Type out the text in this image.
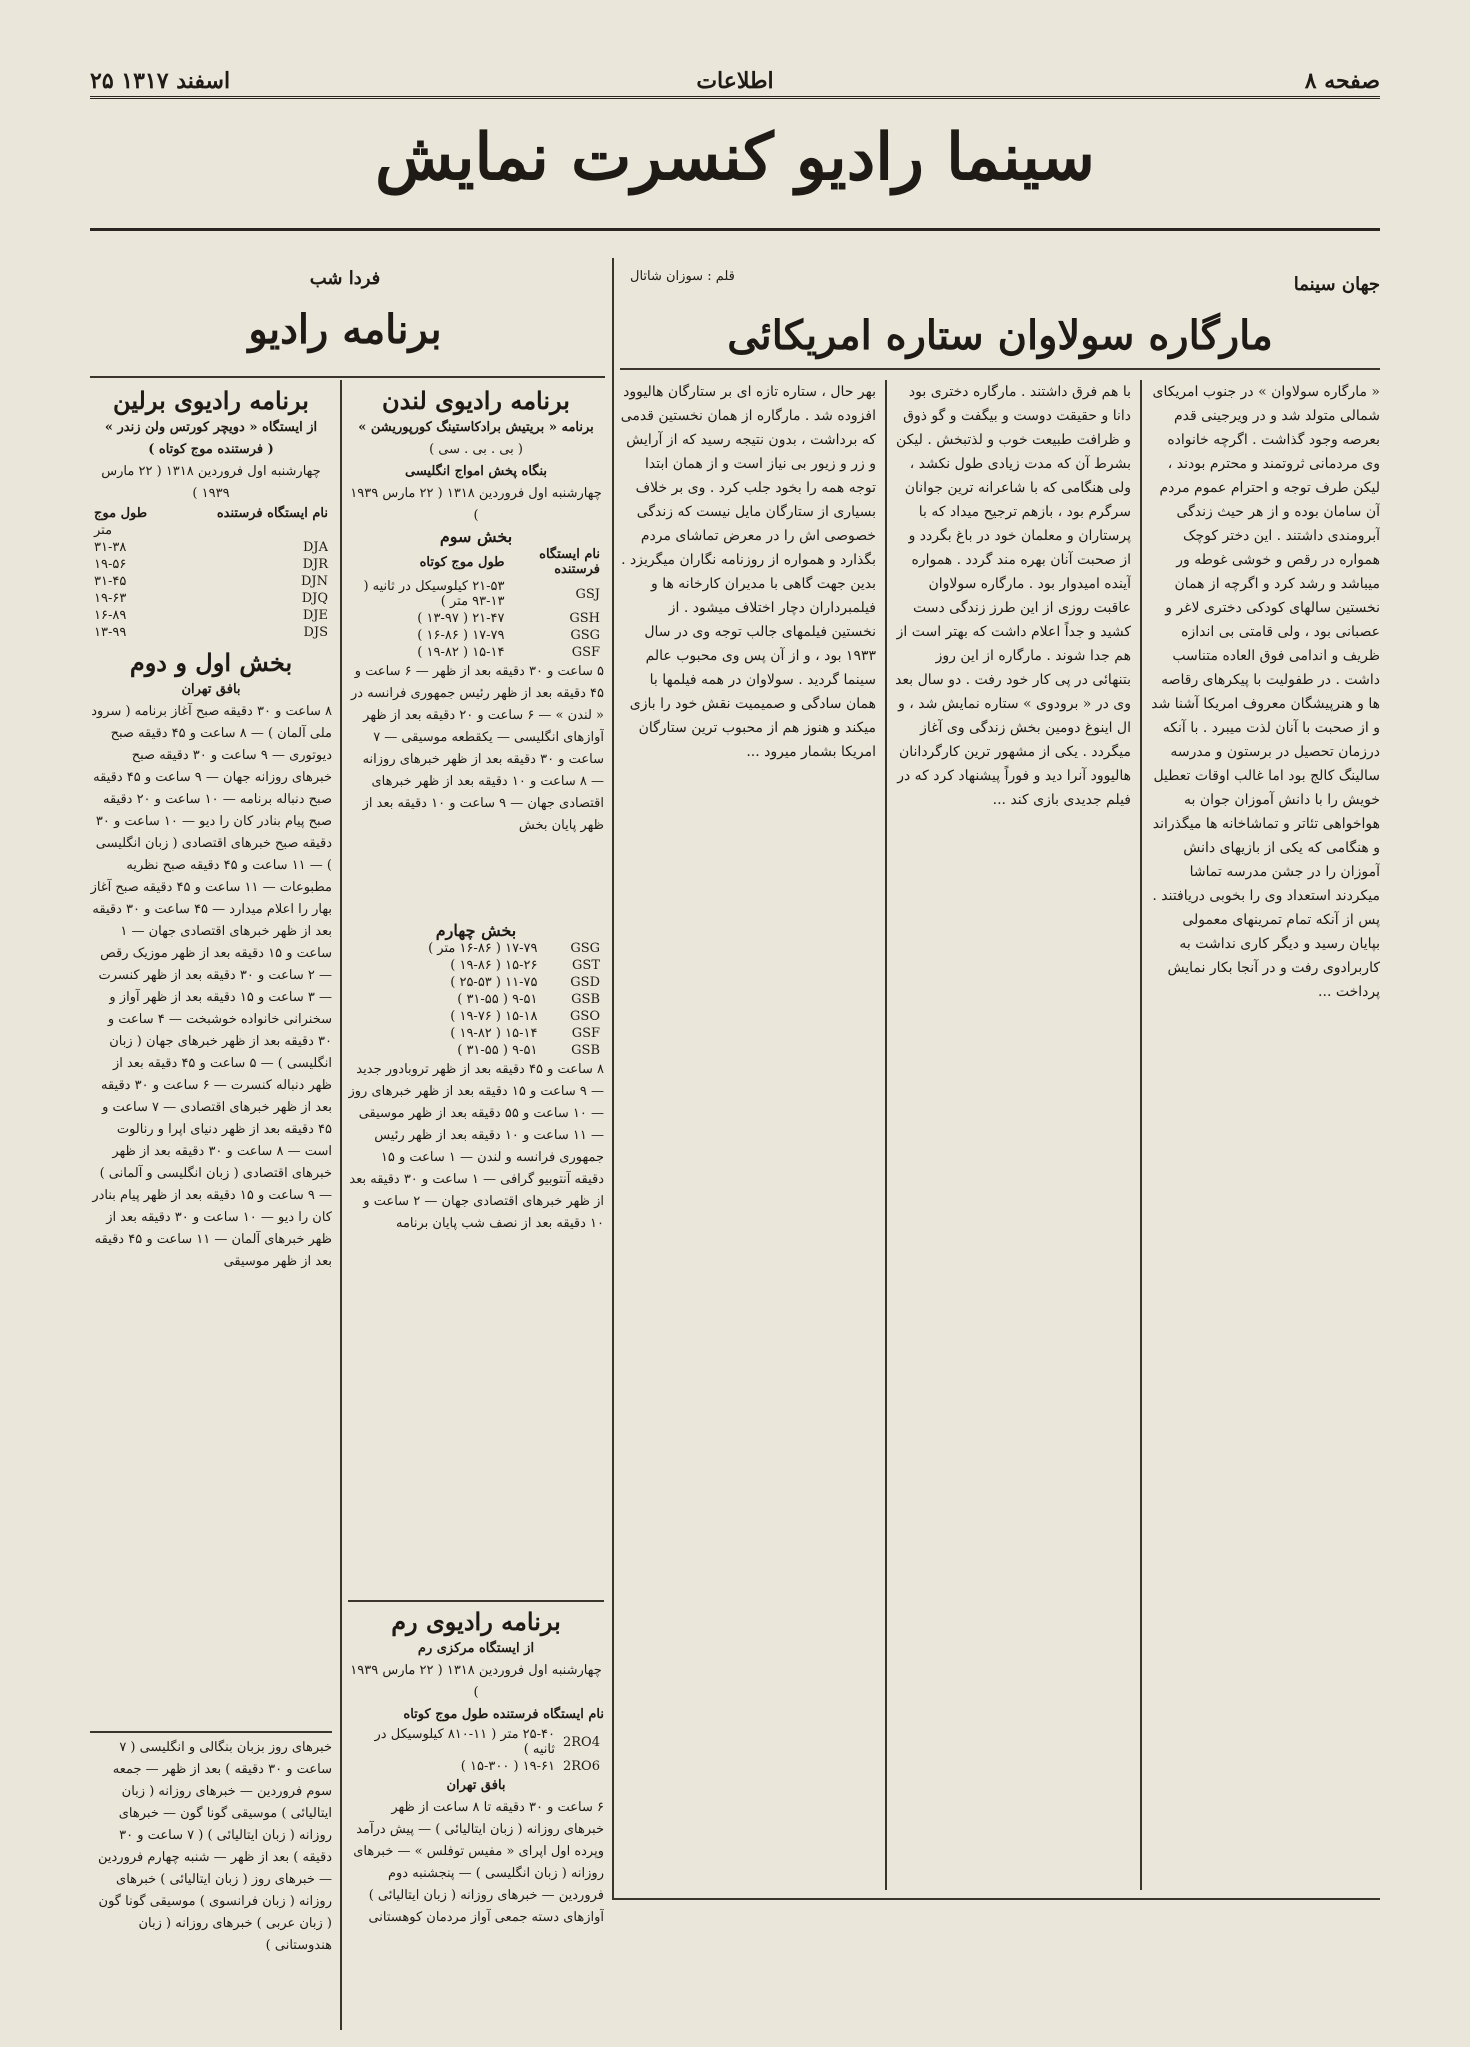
صفحه ۸
اطلاعات
۲۵ اسفند ۱۳۱۷
سینما رادیو کنسرت نمایش
جهان سینما
قلم : سوزان شاتال
مارگاره سولاوان ستاره امریکائی
« مارگاره سولاوان » در جنوب امریکای شمالی متولد شد و در ویرجینی قدم بعرصه وجود گذاشت . اگرچه خانواده وی مردمانی ثروتمند و محترم بودند ، لیکن طرف توجه و احترام عموم مردم آن سامان بوده و از هر حیث زندگی آبرومندی داشتند . این دختر کوچک همواره در رقص و خوشی غوطه ور میباشد و رشد کرد و اگرچه از همان نخستین سالهای کودکی دختری لاغر و عصبانی بود ، ولی قامتی بی اندازه ظریف و اندامی فوق العاده متناسب داشت . در طفولیت با پیکرهای رقاصه ها و هنرپیشگان معروف امریکا آشنا شد و از صحبت با آنان لذت میبرد . با آنکه درزمان تحصیل در برستون و مدرسه سالینگ کالج بود اما غالب اوقات تعطیل خویش را با دانش آموزان جوان به هواخواهی تئاتر و تماشاخانه ها میگذراند و هنگامی که یکی از بازیهای دانش آموزان را در جشن مدرسه تماشا میکردند استعداد وی را بخوبی دریافتند . پس از آنکه تمام تمرینهای معمولی بپایان رسید و دیگر کاری نداشت به کاربرادوی رفت و در آنجا بکار نمایش پرداخت ...
با هم فرق داشتند . مارگاره دختری بود دانا و حقیقت دوست و بیگفت و گو ذوق و ظرافت طبیعت خوب و لذتبخش . لیکن بشرط آن که مدت زیادی طول نکشد ، ولی هنگامی که با شاعرانه ترین جوانان سرگرم بود ، بازهم ترجیح میداد که با پرستاران و معلمان خود در باغ بگردد و از صحبت آنان بهره مند گردد . همواره آینده امیدوار بود . مارگاره سولاوان عاقبت روزی از این طرز زندگی دست کشید و جداً اعلام داشت که بهتر است از هم جدا شوند . مارگاره از این روز بتنهائی در پی کار خود رفت . دو سال بعد وی در « برودوی » ستاره نمایش شد ، و ال اینوغ دومین بخش زندگی وی آغاز میگردد . یکی از مشهور ترین کارگردانان هالیوود آنرا دید و فوراً پیشنهاد کرد که در فیلم جدیدی بازی کند ...
بهر حال ، ستاره تازه ای بر ستارگان هالیوود افزوده شد . مارگاره از همان نخستین قدمی که برداشت ، بدون نتیجه رسید که از آرایش و زر و زیور بی نیاز است و از همان ابتدا توجه همه را بخود جلب کرد . وی بر خلاف بسیاری از ستارگان مایل نیست که زندگی خصوصی اش را در معرض تماشای مردم بگذارد و همواره از روزنامه نگاران میگریزد . بدین جهت گاهی با مدیران کارخانه ها و فیلمبرداران دچار اختلاف میشود . از نخستین فیلمهای جالب توجه وی در سال ۱۹۳۳ بود ، و از آن پس وی محبوب عالم سینما گردید . سولاوان در همه فیلمها با همان سادگی و صمیمیت نقش خود را بازی میکند و هنوز هم از محبوب ترین ستارگان امریکا بشمار میرود ...
فردا شب
برنامه رادیو
برنامه رادیوی برلین
از ایستگاه « دویچر کورتس ولن زندر »
( فرستنده موج کوتاه )
چهارشنبه اول فروردین ۱۳۱۸ ( ۲۲ مارس ۱۹۳۹ )
نام ایستگاه فرستنده	طول موج
	متر
DJA	۳۱-۳۸
DJR	۱۹-۵۶
DJN	۳۱-۴۵
DJQ	۱۹-۶۳
DJE	۱۶-۸۹
DJS	۱۳-۹۹
بخش اول و دوم
بافق تهران
۸ ساعت و ۳۰ دقیقه صبح آغاز برنامه ( سرود ملی آلمان ) — ۸ ساعت و ۴۵ دقیقه صبح دیوتوری — ۹ ساعت و ۳۰ دقیقه صبح خبرهای روزانه جهان — ۹ ساعت و ۴۵ دقیقه صبح دنباله برنامه — ۱۰ ساعت و ۲۰ دقیقه صبح پیام بنادر کان را دیو — ۱۰ ساعت و ۳۰ دقیقه صبح خبرهای اقتصادی ( زبان انگلیسی ) — ۱۱ ساعت و ۴۵ دقیقه صبح نظریه مطبوعات — ۱۱ ساعت و ۴۵ دقیقه صبح آغاز بهار را اعلام میدارد — ۴۵ ساعت و ۳۰ دقیقه بعد از ظهر خبرهای اقتصادی جهان — ۱ ساعت و ۱۵ دقیقه بعد از ظهر موزیک رقص — ۲ ساعت و ۳۰ دقیقه بعد از ظهر کنسرت — ۳ ساعت و ۱۵ دقیقه بعد از ظهر آواز و سخنرانی خانواده خوشبخت — ۴ ساعت و ۳۰ دقیقه بعد از ظهر خبرهای جهان ( زبان انگلیسی ) — ۵ ساعت و ۴۵ دقیقه بعد از ظهر دنباله کنسرت — ۶ ساعت و ۳۰ دقیقه بعد از ظهر خبرهای اقتصادی — ۷ ساعت و ۴۵ دقیقه بعد از ظهر دنیای اپرا و رنالوت است — ۸ ساعت و ۳۰ دقیقه بعد از ظهر خبرهای اقتصادی ( زبان انگلیسی و آلمانی ) — ۹ ساعت و ۱۵ دقیقه بعد از ظهر پیام بنادر کان را دیو — ۱۰ ساعت و ۳۰ دقیقه بعد از ظهر خبرهای آلمان — ۱۱ ساعت و ۴۵ دقیقه بعد از ظهر موسیقی
خبرهای روز بزبان بنگالی و انگلیسی ( ۷ ساعت و ۳۰ دقیقه ) بعد از ظهر — جمعه سوم فروردین — خبرهای روزانه ( زبان ایتالیائی ) موسیقی گونا گون — خبرهای روزانه ( زبان ایتالیائی ) ( ۷ ساعت و ۳۰ دقیقه ) بعد از ظهر — شنبه چهارم فروردین — خبرهای روز ( زبان ایتالیائی ) خبرهای روزانه ( زبان فرانسوی ) موسیقی گونا گون ( زبان عربی ) خبرهای روزانه ( زبان هندوستانی )
برنامه رادیوی لندن
برنامه « بریتیش برادکاستینگ کورپوریشن »
( بی . بی . سی )
بنگاه پخش امواج انگلیسی
چهارشنبه اول فروردین ۱۳۱۸ ( ۲۲ مارس ۱۹۳۹ )
بخش سوم
نام ایستگاه فرستنده	طول موج کوتاه
GSJ	۲۱-۵۳ کیلوسیکل در ثانیه ( ۱۳-۹۳ متر )
GSH	۲۱-۴۷ ( ۱۳-۹۷ )
GSG	۱۷-۷۹ ( ۱۶-۸۶ )
GSF	۱۵-۱۴ ( ۱۹-۸۲ )
۵ ساعت و ۳۰ دقیقه بعد از ظهر — ۶ ساعت و ۴۵ دقیقه بعد از ظهر رئیس جمهوری فرانسه در « لندن » — ۶ ساعت و ۲۰ دقیقه بعد از ظهر آوازهای انگلیسی — یکقطعه موسیقی — ۷ ساعت و ۳۰ دقیقه بعد از ظهر خبرهای روزانه — ۸ ساعت و ۱۰ دقیقه بعد از ظهر خبرهای اقتصادی جهان — ۹ ساعت و ۱۰ دقیقه بعد از ظهر پایان بخش
بخش چهارم
GSG	۱۷-۷۹ ( ۱۶-۸۶ متر )
GST	۱۵-۲۶ ( ۱۹-۸۶ )
GSD	۱۱-۷۵ ( ۲۵-۵۳ )
GSB	۹-۵۱ ( ۳۱-۵۵ )
GSO	۱۵-۱۸ ( ۱۹-۷۶ )
GSF	۱۵-۱۴ ( ۱۹-۸۲ )
GSB	۹-۵۱ ( ۳۱-۵۵ )
۸ ساعت و ۴۵ دقیقه بعد از ظهر تروبادور جدید — ۹ ساعت و ۱۵ دقیقه بعد از ظهر خبرهای روز — ۱۰ ساعت و ۵۵ دقیقه بعد از ظهر موسیقی — ۱۱ ساعت و ۱۰ دقیقه بعد از ظهر رئیس جمهوری فرانسه و لندن — ۱ ساعت و ۱۵ دقیقه آنتوبیو گرافی — ۱ ساعت و ۳۰ دقیقه بعد از ظهر خبرهای اقتصادی جهان — ۲ ساعت و ۱۰ دقیقه بعد از نصف شب پایان برنامه
برنامه رادیوی رم
از ایستگاه مرکزی رم
چهارشنبه اول فروردین ۱۳۱۸ ( ۲۲ مارس ۱۹۳۹ )
نام ایستگاه فرستنده طول موج کوتاه
2RO4	۲۵-۴۰ متر ( ۱۱-۸۱۰ کیلوسیکل در ثانیه )
2RO6	۱۹-۶۱ ( ۱۵-۳۰۰ )
بافق تهران
۶ ساعت و ۳۰ دقیقه تا ۸ ساعت از ظهر خبرهای روزانه ( زبان ایتالیائی ) — پیش درآمد وپرده اول اپرای « مفیس توفلس » — خبرهای روزانه ( زبان انگلیسی ) — پنجشنبه دوم فروردین — خبرهای روزانه ( زبان ایتالیائی ) آوازهای دسته جمعی آواز مردمان کوهستانی
